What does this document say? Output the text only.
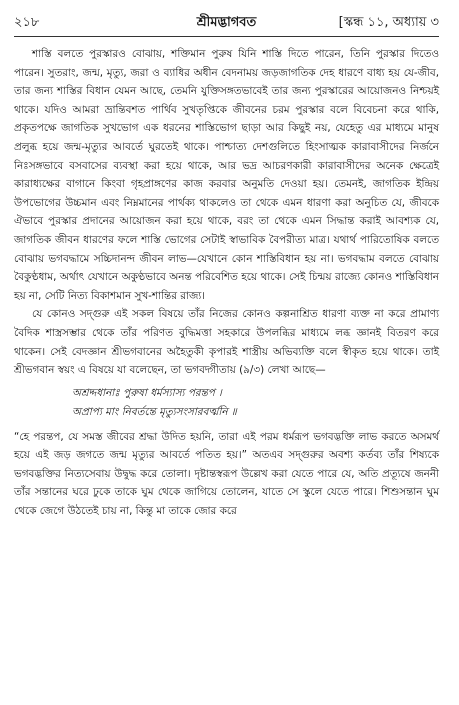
২১৮	শ্রীমদ্ভাগবত	[স্কন্ধ ১১, অধ্যায় ৩

শাস্তি বলতে পুরস্কারও বোঝায়, শক্তিমান পুরুষ যিনি শাস্তি দিতে পারেন, তিনি পুরস্কার দিতেও পারেন। সুতরাং, জন্ম, মৃত্যু, জরা ও ব্যাধির অধীন বেদনাময় জড়জাগতিক দেহ ধারণে বাধ্য হয় যে-জীব, তার জন্য শাস্তির বিধান যেমন আছে, তেমনি যুক্তিসঙ্গতভাবেই তার জন্য পুরস্কারের আয়োজনও নিশ্চয়ই থাকে। যদিও আমরা ভ্রান্তিবশত পার্থিব সুখতৃপ্তিকে জীবনের চরম পুরস্কার বলে বিবেচনা করে থাকি, প্রকৃতপক্ষে জাগতিক সুখভোগ এক ধরনের শাস্তিভোগ ছাড়া আর কিছুই নয়, যেহেতু এর মাধ্যমে মানুষ প্রলুব্ধ হয়ে জন্ম-মৃত্যুর আবর্তে ঘুরতেই থাকে। পাশ্চাত্য দেশগুলিতে হিংসাত্মক কারাবাসীদের নির্জনে নিঃসঙ্গভাবে বসবাসের ব্যবস্থা করা হয়ে থাকে, আর ভদ্র আচরণকারী কারাবাসীদের অনেক ক্ষেত্রেই কারাধ্যক্ষের বাগানে কিংবা গৃহপ্রাঙ্গণের কাজ করবার অনুমতি দেওয়া হয়। তেমনই, জাগতিক ইন্দ্রিয় উপভোগের উচ্চমান এবং নিম্নমানের পার্থক্য থাকলেও তা থেকে এমন ধারণা করা অনুচিত যে, জীবকে ঐভাবে পুরস্কার প্রদানের আয়োজন করা হয়ে থাকে, বরং তা থেকে এমন সিদ্ধান্ত করাই আবশ্যক যে, জাগতিক জীবন ধারণের ফলে শাস্তি ভোগের সেটাই স্বাভাবিক বৈপরীত্য মাত্র। যথার্থ পারিতোষিক বলতে বোঝায় ভগবদ্ধামে সচ্চিদানন্দ জীবন লাভ—যেখানে কোন শাস্তিবিধান হয় না। ভগবদ্ধাম বলতে বোঝায় বৈকুণ্ঠধাম, অর্থাৎ যেখানে অকুণ্ঠভাবে অনন্ত পরিবেশিত হয়ে থাকে। সেই চিন্ময় রাজ্যে কোনও শাস্তিবিধান হয় না, সেটি নিত্য বিকাশমান সুখ-শান্তির রাজ্য।

যে কোনও সদ্গুরু এই সকল বিষয়ে তাঁর নিজের কোনও কল্পনাশ্রিত ধারণা ব্যক্ত না করে প্রামাণ্য বৈদিক শাস্ত্রসম্ভার থেকে তাঁর পরিণত বুদ্ধিমত্তা সহকারে উপলব্ধির মাধ্যমে লব্ধ জ্ঞানই বিতরণ করে থাকেন। সেই বেদজ্ঞান শ্রীভগবানের অহৈতুকী কৃপারই শাস্ত্রীয় অভিব্যক্তি বলে স্বীকৃত হয়ে থাকে। তাই শ্রীভগবান স্বয়ং এ বিষয়ে যা বলেছেন, তা ভগবদ্গীতায় (৯/৩) লেখা আছে—

অশ্রদ্দধানাঃ পুরুষা ধর্মস্যাস্য পরন্তপ ।
অপ্রাপ্য মাং নিবর্তন্তে মৃত্যুসংসারবর্ত্মনি ॥

“হে পরন্তপ, যে সমস্ত জীবের শ্রদ্ধা উদিত হয়নি, তারা এই পরম ধর্মরূপ ভগবদ্ভক্তি লাভ করতে অসমর্থ হয়ে এই জড় জগতে জন্ম মৃত্যুর আবর্তে পতিত হয়।” অতএব সদ্গুরুর অবশ্য কর্তব্য তাঁর শিষ্যকে ভগবদ্ভক্তির নিত্যসেবায় উদ্বুদ্ধ করে তোলা। দৃষ্টান্তস্বরূপ উল্লেখ করা যেতে পারে যে, অতি প্রত্যূষে জননী তাঁর সন্তানের ঘরে ঢুকে তাকে ঘুম থেকে জাগিয়ে তোলেন, যাতে সে স্কুলে যেতে পারে। শিশুসন্তান ঘুম থেকে জেগে উঠতেই চায় না, কিন্তু মা তাকে জোর করে
